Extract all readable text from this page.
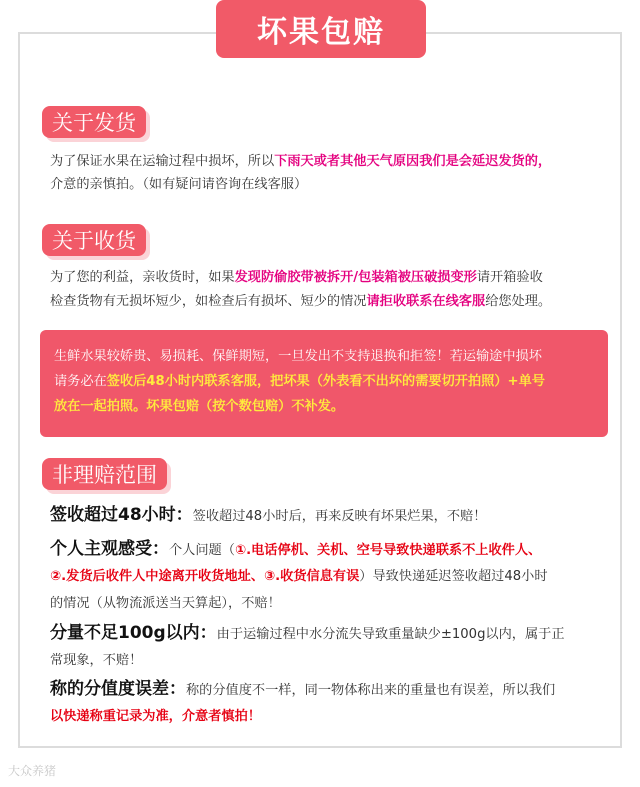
坏果包赔
关于发货

为了保证水果在运输过程中损坏，所以下雨天或者其他天气原因我们是会延迟发货的，

介意的亲慎拍。（如有疑问请咨询在线客服）

关于收货

为了您的利益，亲收货时，如果发现防偷胶带被拆开/包装箱被压破损变形请开箱验收

检查货物有无损坏短少，如检查后有损坏、短少的情况请拒收联系在线客服给您处理。

生鲜水果较娇贵、易损耗、保鲜期短，一旦发出不支持退换和拒签！若运输途中损坏

请务必在签收后48小时内联系客服，把坏果（外表看不出坏的需要切开拍照）+单号

放在一起拍照。坏果包赔（按个数包赔）不补发。

非理赔范围

签收超过48小时：签收超过48小时后，再来反映有坏果烂果，不赔！

个人主观感受：个人问题（①.电话停机、关机、空号导致快递联系不上收件人、

②.发货后收件人中途离开收货地址、③.收货信息有误）导致快递延迟签收超过48小时

的情况（从物流派送当天算起），不赔！

分量不足100g以内：由于运输过程中水分流失导致重量缺少±100g以内，属于正

常现象，不赔！

称的分值度误差：称的分值度不一样，同一物体称出来的重量也有误差，所以我们

以快递称重记录为准，介意者慎拍！

大众养猪
